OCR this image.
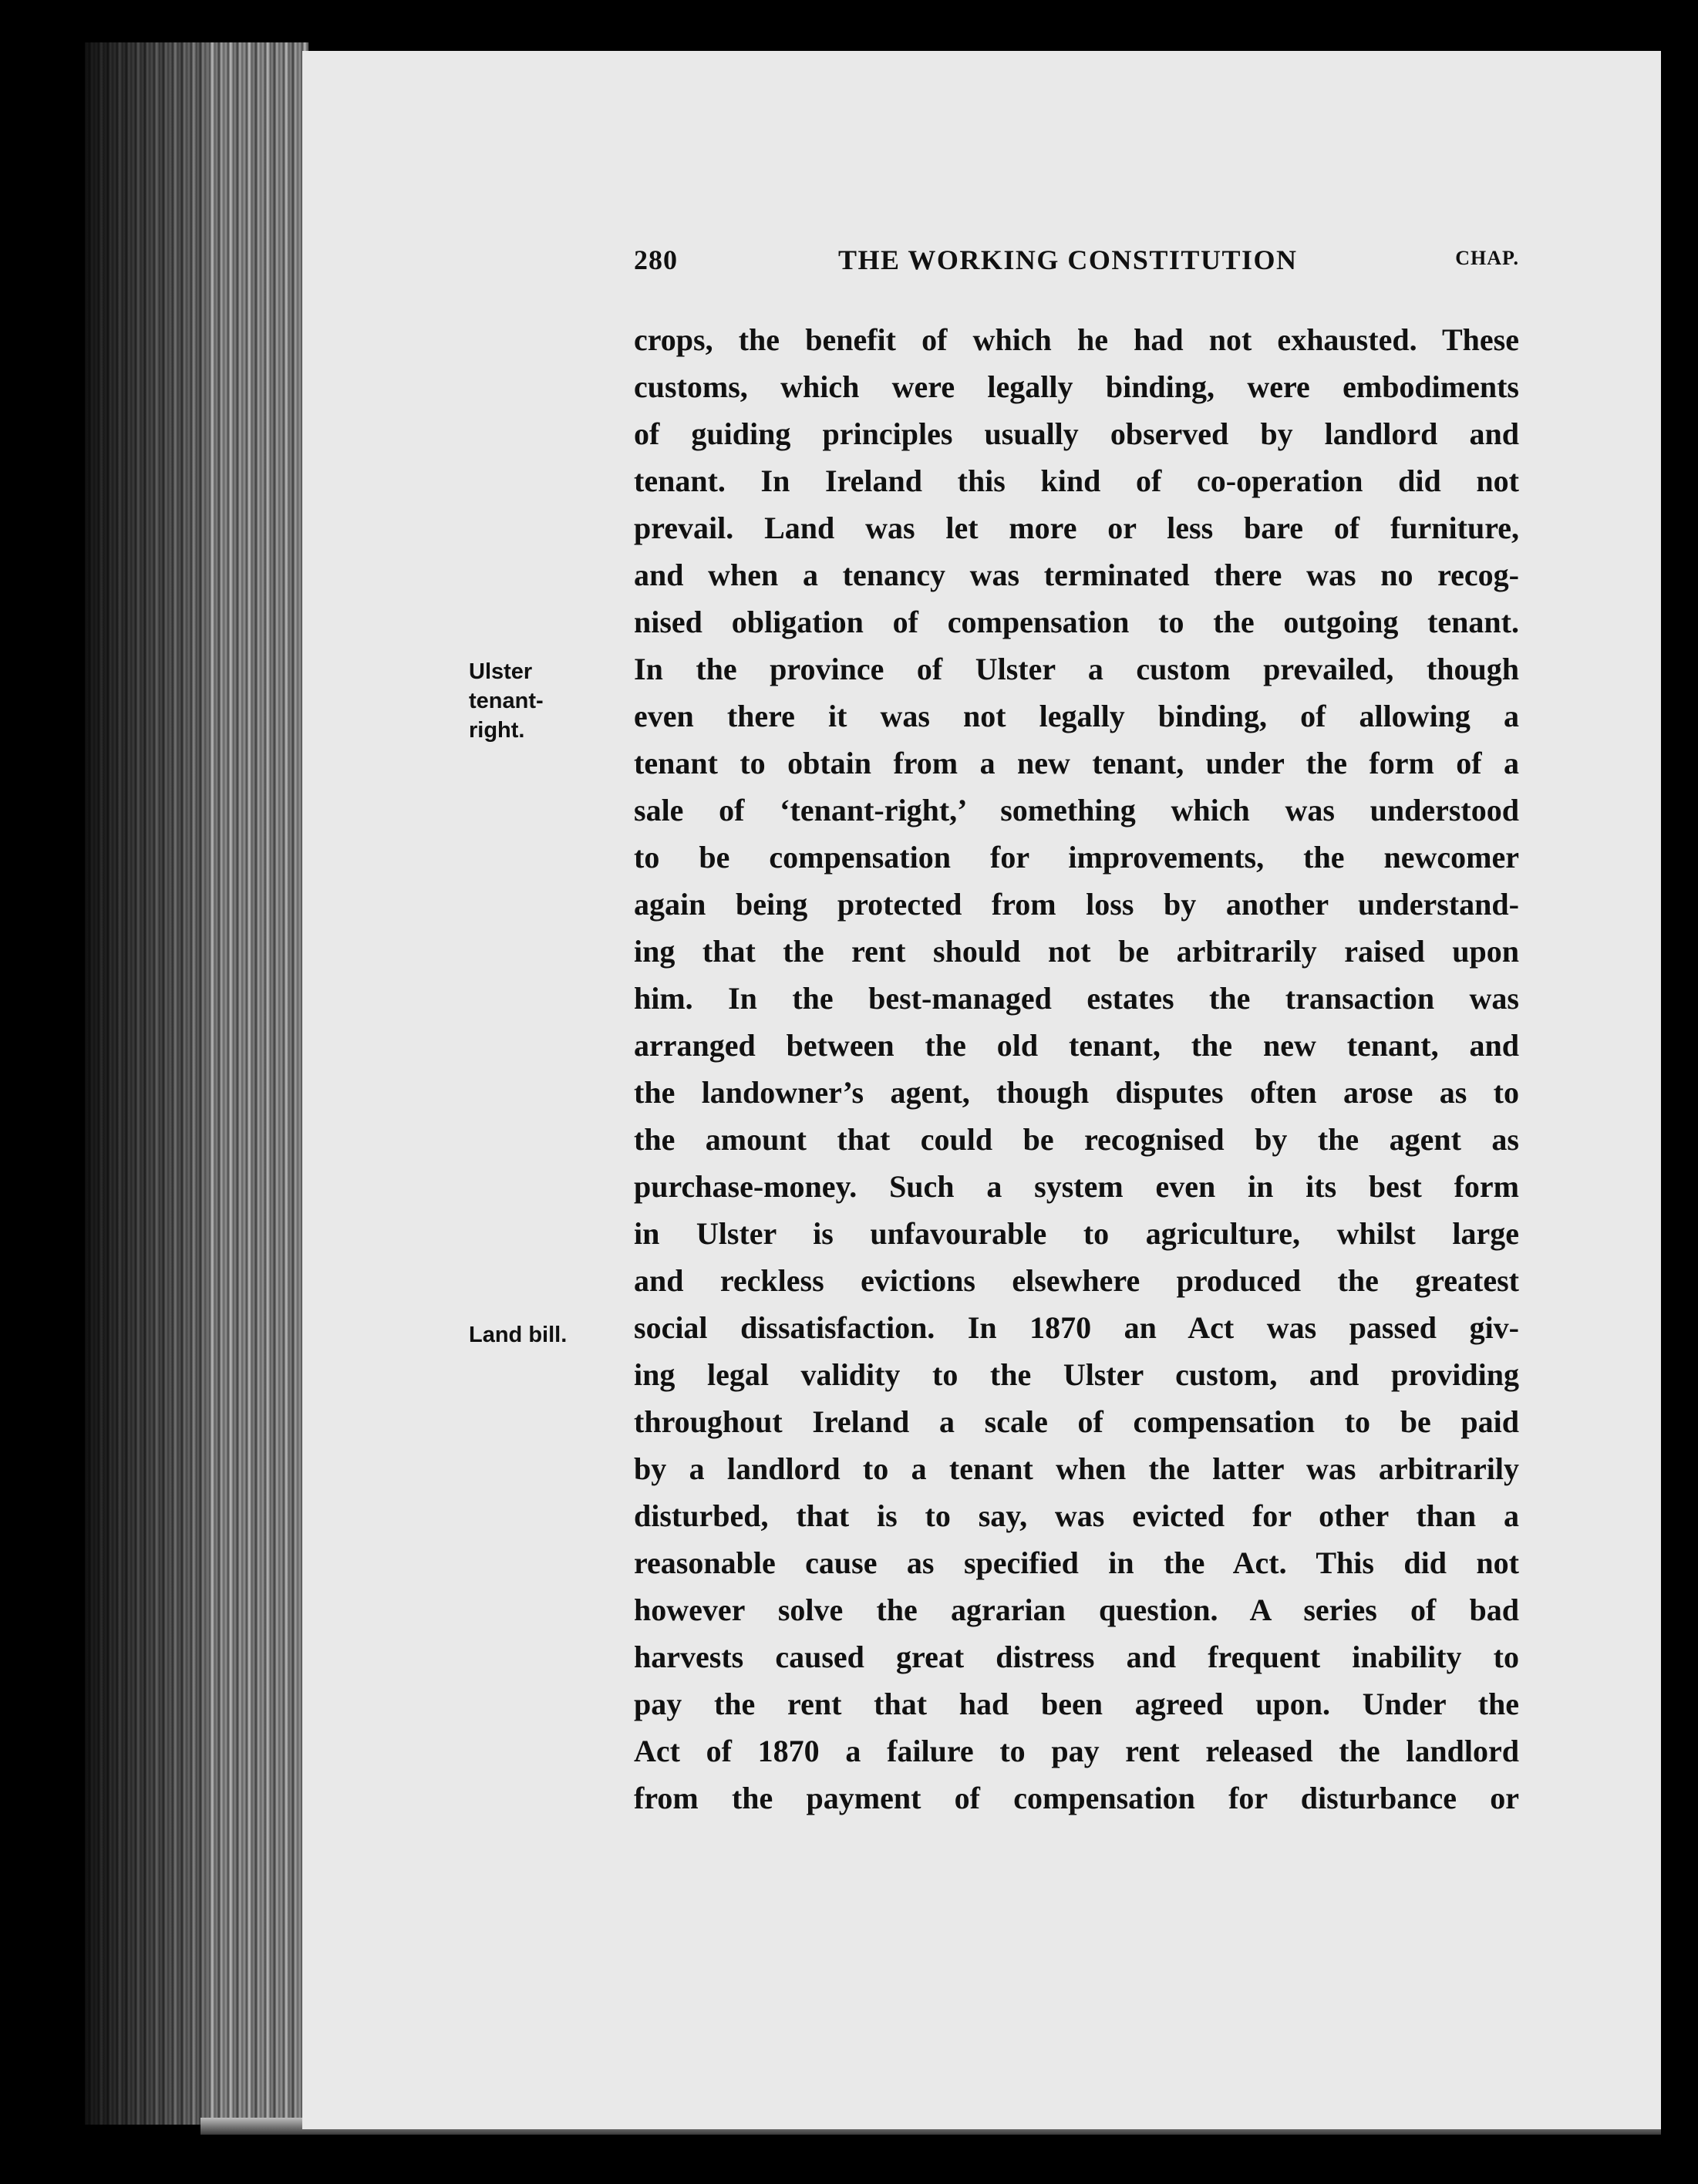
280	THE WORKING CONSTITUTION	CHAP.
Ulster
tenant-
right.
Land bill.
crops, the benefit of which he had not exhausted. These
customs, which were legally binding, were embodiments
of guiding principles usually observed by landlord and
tenant. In Ireland this kind of co-operation did not
prevail. Land was let more or less bare of furniture,
and when a tenancy was terminated there was no recog-
nised obligation of compensation to the outgoing tenant.
In the province of Ulster a custom prevailed, though
even there it was not legally binding, of allowing a
tenant to obtain from a new tenant, under the form of a
sale of ‘tenant-right,’ something which was understood
to be compensation for improvements, the newcomer
again being protected from loss by another understand-
ing that the rent should not be arbitrarily raised upon
him. In the best-managed estates the transaction was
arranged between the old tenant, the new tenant, and
the landowner’s agent, though disputes often arose as to
the amount that could be recognised by the agent as
purchase-money. Such a system even in its best form
in Ulster is unfavourable to agriculture, whilst large
and reckless evictions elsewhere produced the greatest
social dissatisfaction. In 1870 an Act was passed giv-
ing legal validity to the Ulster custom, and providing
throughout Ireland a scale of compensation to be paid
by a landlord to a tenant when the latter was arbitrarily
disturbed, that is to say, was evicted for other than a
reasonable cause as specified in the Act. This did not
however solve the agrarian question. A series of bad
harvests caused great distress and frequent inability to
pay the rent that had been agreed upon. Under the
Act of 1870 a failure to pay rent released the landlord
from the payment of compensation for disturbance or
